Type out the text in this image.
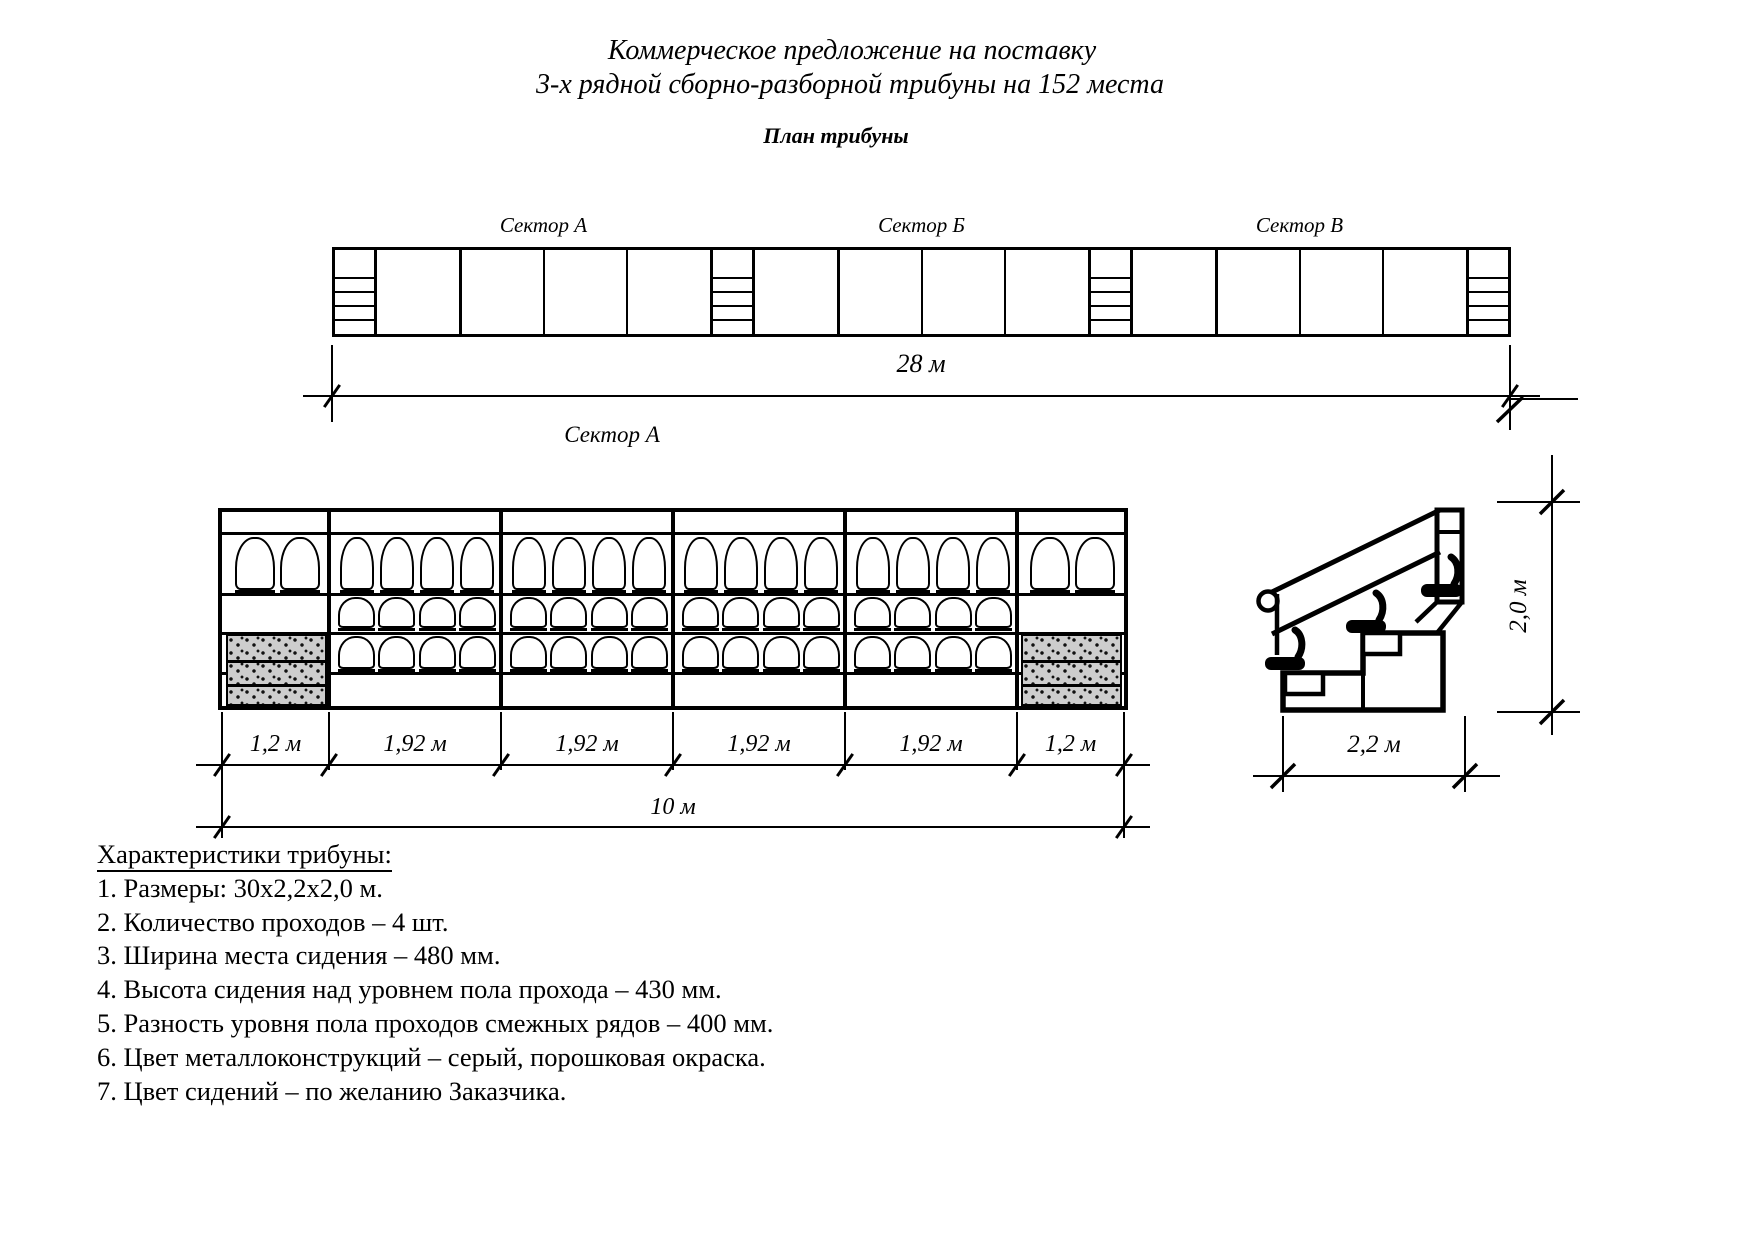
Коммерческое предложение на поставку
3-х рядной сборно-разборной трибуны на 152 места
План трибуны
Сектор А	Сектор Б	Сектор В
28 м
Сектор А
1,2 м	1,92 м	1,92 м	1,92 м	1,92 м	1,2 м
10 м
2,0 м
2,2 м
Характеристики трибуны:
1. Размеры: 30х2,2х2,0 м.
2. Количество проходов – 4 шт.
3. Ширина места сидения – 480 мм.
4. Высота сидения над уровнем пола прохода – 430 мм.
5. Разность уровня пола проходов смежных рядов – 400 мм.
6. Цвет металлоконструкций – серый, порошковая окраска.
7. Цвет сидений – по желанию Заказчика.
